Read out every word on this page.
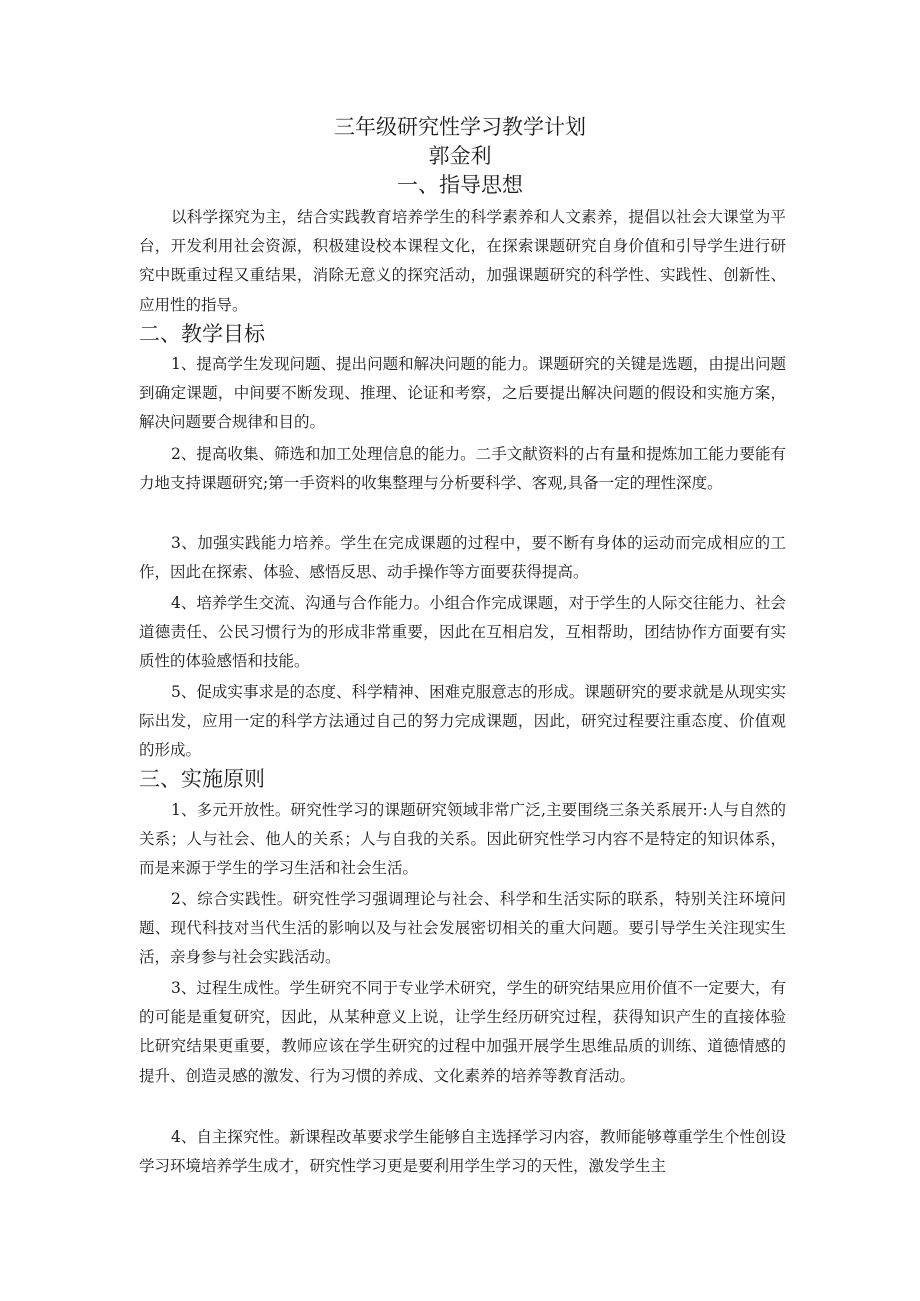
三年级研究性学习教学计划
郭金利
一、指导思想

以科学探究为主，结合实践教育培养学生的科学素养和人文素养，提倡以社会大课堂为平台，开发利用社会资源，积极建设校本课程文化，在探索课题研究自身价值和引导学生进行研究中既重过程又重结果，消除无意义的探究活动，加强课题研究的科学性、实践性、创新性、应用性的指导。

二、教学目标

1、提高学生发现问题、提出问题和解决问题的能力。课题研究的关键是选题，由提出问题到确定课题，中间要不断发现、推理、论证和考察，之后要提出解决问题的假设和实施方案，解决问题要合规律和目的。

2、提高收集、筛选和加工处理信息的能力。二手文献资料的占有量和提炼加工能力要能有力地支持课题研究;第一手资料的收集整理与分析要科学、客观,具备一定的理性深度。

3、加强实践能力培养。学生在完成课题的过程中，要不断有身体的运动而完成相应的工作，因此在探索、体验、感悟反思、动手操作等方面要获得提高。

4、培养学生交流、沟通与合作能力。小组合作完成课题，对于学生的人际交往能力、社会道德责任、公民习惯行为的形成非常重要，因此在互相启发，互相帮助，团结协作方面要有实质性的体验感悟和技能。

5、促成实事求是的态度、科学精神、困难克服意志的形成。课题研究的要求就是从现实实际出发，应用一定的科学方法通过自己的努力完成课题，因此，研究过程要注重态度、价值观的形成。

三、实施原则

1、多元开放性。研究性学习的课题研究领域非常广泛,主要围绕三条关系展开:人与自然的关系；人与社会、他人的关系；人与自我的关系。因此研究性学习内容不是特定的知识体系，而是来源于学生的学习生活和社会生活。

2、综合实践性。研究性学习强调理论与社会、科学和生活实际的联系，特别关注环境问题、现代科技对当代生活的影响以及与社会发展密切相关的重大问题。要引导学生关注现实生活，亲身参与社会实践活动。

3、过程生成性。学生研究不同于专业学术研究，学生的研究结果应用价值不一定要大，有的可能是重复研究，因此，从某种意义上说，让学生经历研究过程，获得知识产生的直接体验比研究结果更重要，教师应该在学生研究的过程中加强开展学生思维品质的训练、道德情感的提升、创造灵感的激发、行为习惯的养成、文化素养的培养等教育活动。

4、自主探究性。新课程改革要求学生能够自主选择学习内容，教师能够尊重学生个性创设学习环境培养学生成才，研究性学习更是要利用学生学习的天性，激发学生主
